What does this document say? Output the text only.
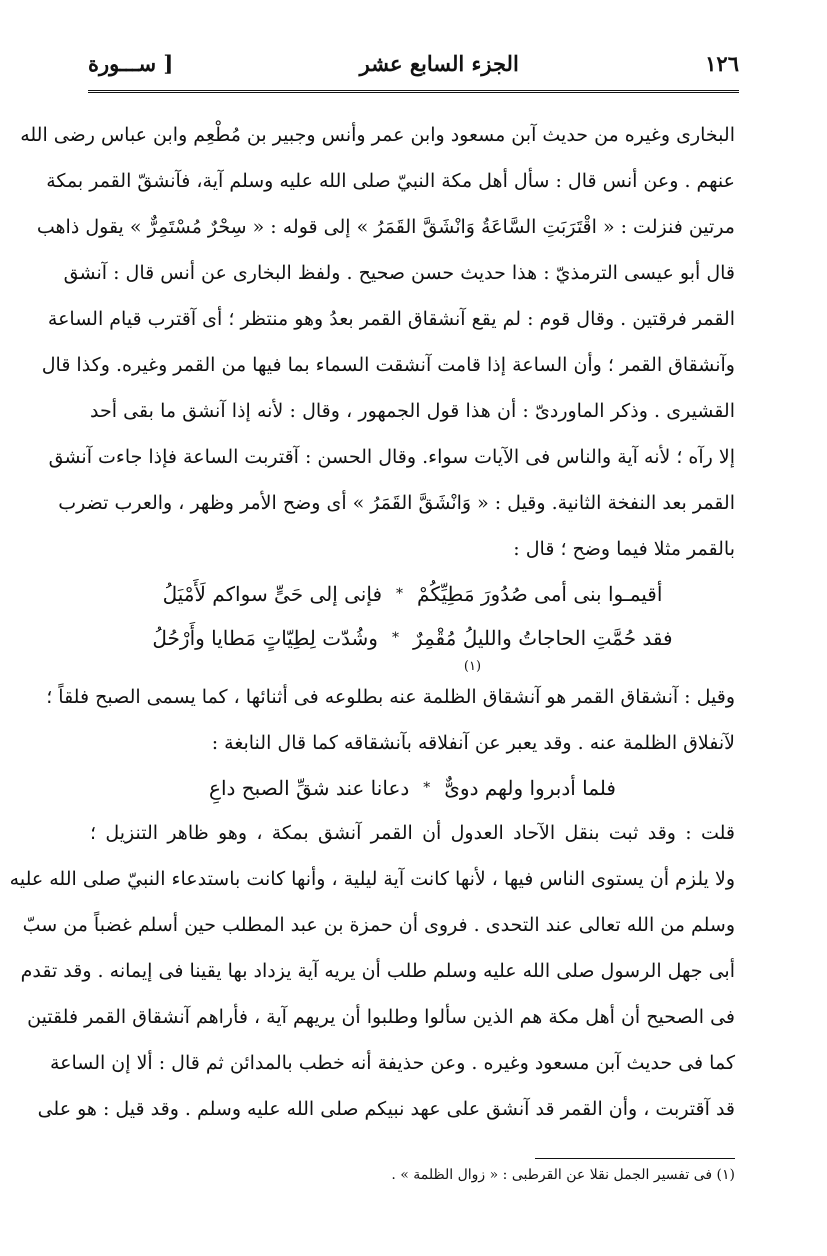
١٢٦
الجزء السابع عشر
[ ســـورة
البخارى وغيره من حديث آبن مسعود وابن عمر وأنس وجبير بن مُطْعِم وابن عباس رضى الله
عنهم . وعن أنس قال : سأل أهل مكة النبيّ صلى الله عليه وسلم آية، فآنشقّ القمر بمكة
مرتين فنزلت : « اقْتَرَبَتِ السَّاعَةُ وَانْشَقَّ القَمَرُ » إلى قوله : « سِحْرٌ مُسْتَمِرٌّ » يقول ذاهب
قال أبو عيسى الترمذيّ : هذا حديث حسن صحيح . ولفظ البخارى عن أنس قال : آنشق
القمر فرقتين . وقال قوم : لم يقع آنشقاق القمر بعدُ وهو منتظر ؛ أى آقترب قيام الساعة
وآنشقاق القمر ؛ وأن الساعة إذا قامت آنشقت السماء بما فيها من القمر وغيره. وكذا قال
القشيرى . وذكر الماوردىّ : أن هذا قول الجمهور ، وقال : لأنه إذا آنشق ما بقى أحد
إلا رآه ؛ لأنه آية والناس فى الآيات سواء. وقال الحسن : آقتربت الساعة فإذا جاءت آنشق
القمر بعد النفخة الثانية. وقيل : « وَانْشَقَّ القَمَرُ » أى وضح الأمر وظهر ، والعرب تضرب
بالقمر مثلا فيما وضح ؛ قال :
أقيمـوا بنى أمى صُدُورَ مَطِيِّكُمْ
*
فإنى إلى حَىٍّ سواكم لَأَمْيَلُ
فقد حُمَّتِ الحاجاتُ والليلُ مُقْمِرٌ
*
وشُدّت لِطِيّاتٍ مَطايا وأَرْحُلُ
(١)
وقيل : آنشقاق القمر هو آنشقاق الظلمة عنه بطلوعه فى أثنائها ، كما يسمى الصبح فلقاً ؛
لآنفلاق الظلمة عنه . وقد يعبر عن آنفلاقه بآنشقاقه كما قال النابغة :
فلما أدبروا ولهم دوىٌّ
*
دعانا عند شقِّ الصبح داعِ
قلت : وقد ثبت بنقل الآحاد العدول أن القمر آنشق بمكة ، وهو ظاهر التنزيل ؛
ولا يلزم أن يستوى الناس فيها ، لأنها كانت آية ليلية ، وأنها كانت باستدعاء النبيّ صلى الله عليه
وسلم من الله تعالى عند التحدى . فروى أن حمزة بن عبد المطلب حين أسلم غضباً من سبّ
أبى جهل الرسول صلى الله عليه وسلم طلب أن يريه آية يزداد بها يقينا فى إيمانه . وقد تقدم
فى الصحيح أن أهل مكة هم الذين سألوا وطلبوا أن يريهم آية ، فأراهم آنشقاق القمر فلقتين
كما فى حديث آبن مسعود وغيره . وعن حذيفة أنه خطب بالمدائن ثم قال : ألا إن الساعة
قد آقتربت ، وأن القمر قد آنشق على عهد نبيكم صلى الله عليه وسلم . وقد قيل : هو على
(١) فى تفسير الجمل نقلا عن القرطبى : « زوال الظلمة » .
